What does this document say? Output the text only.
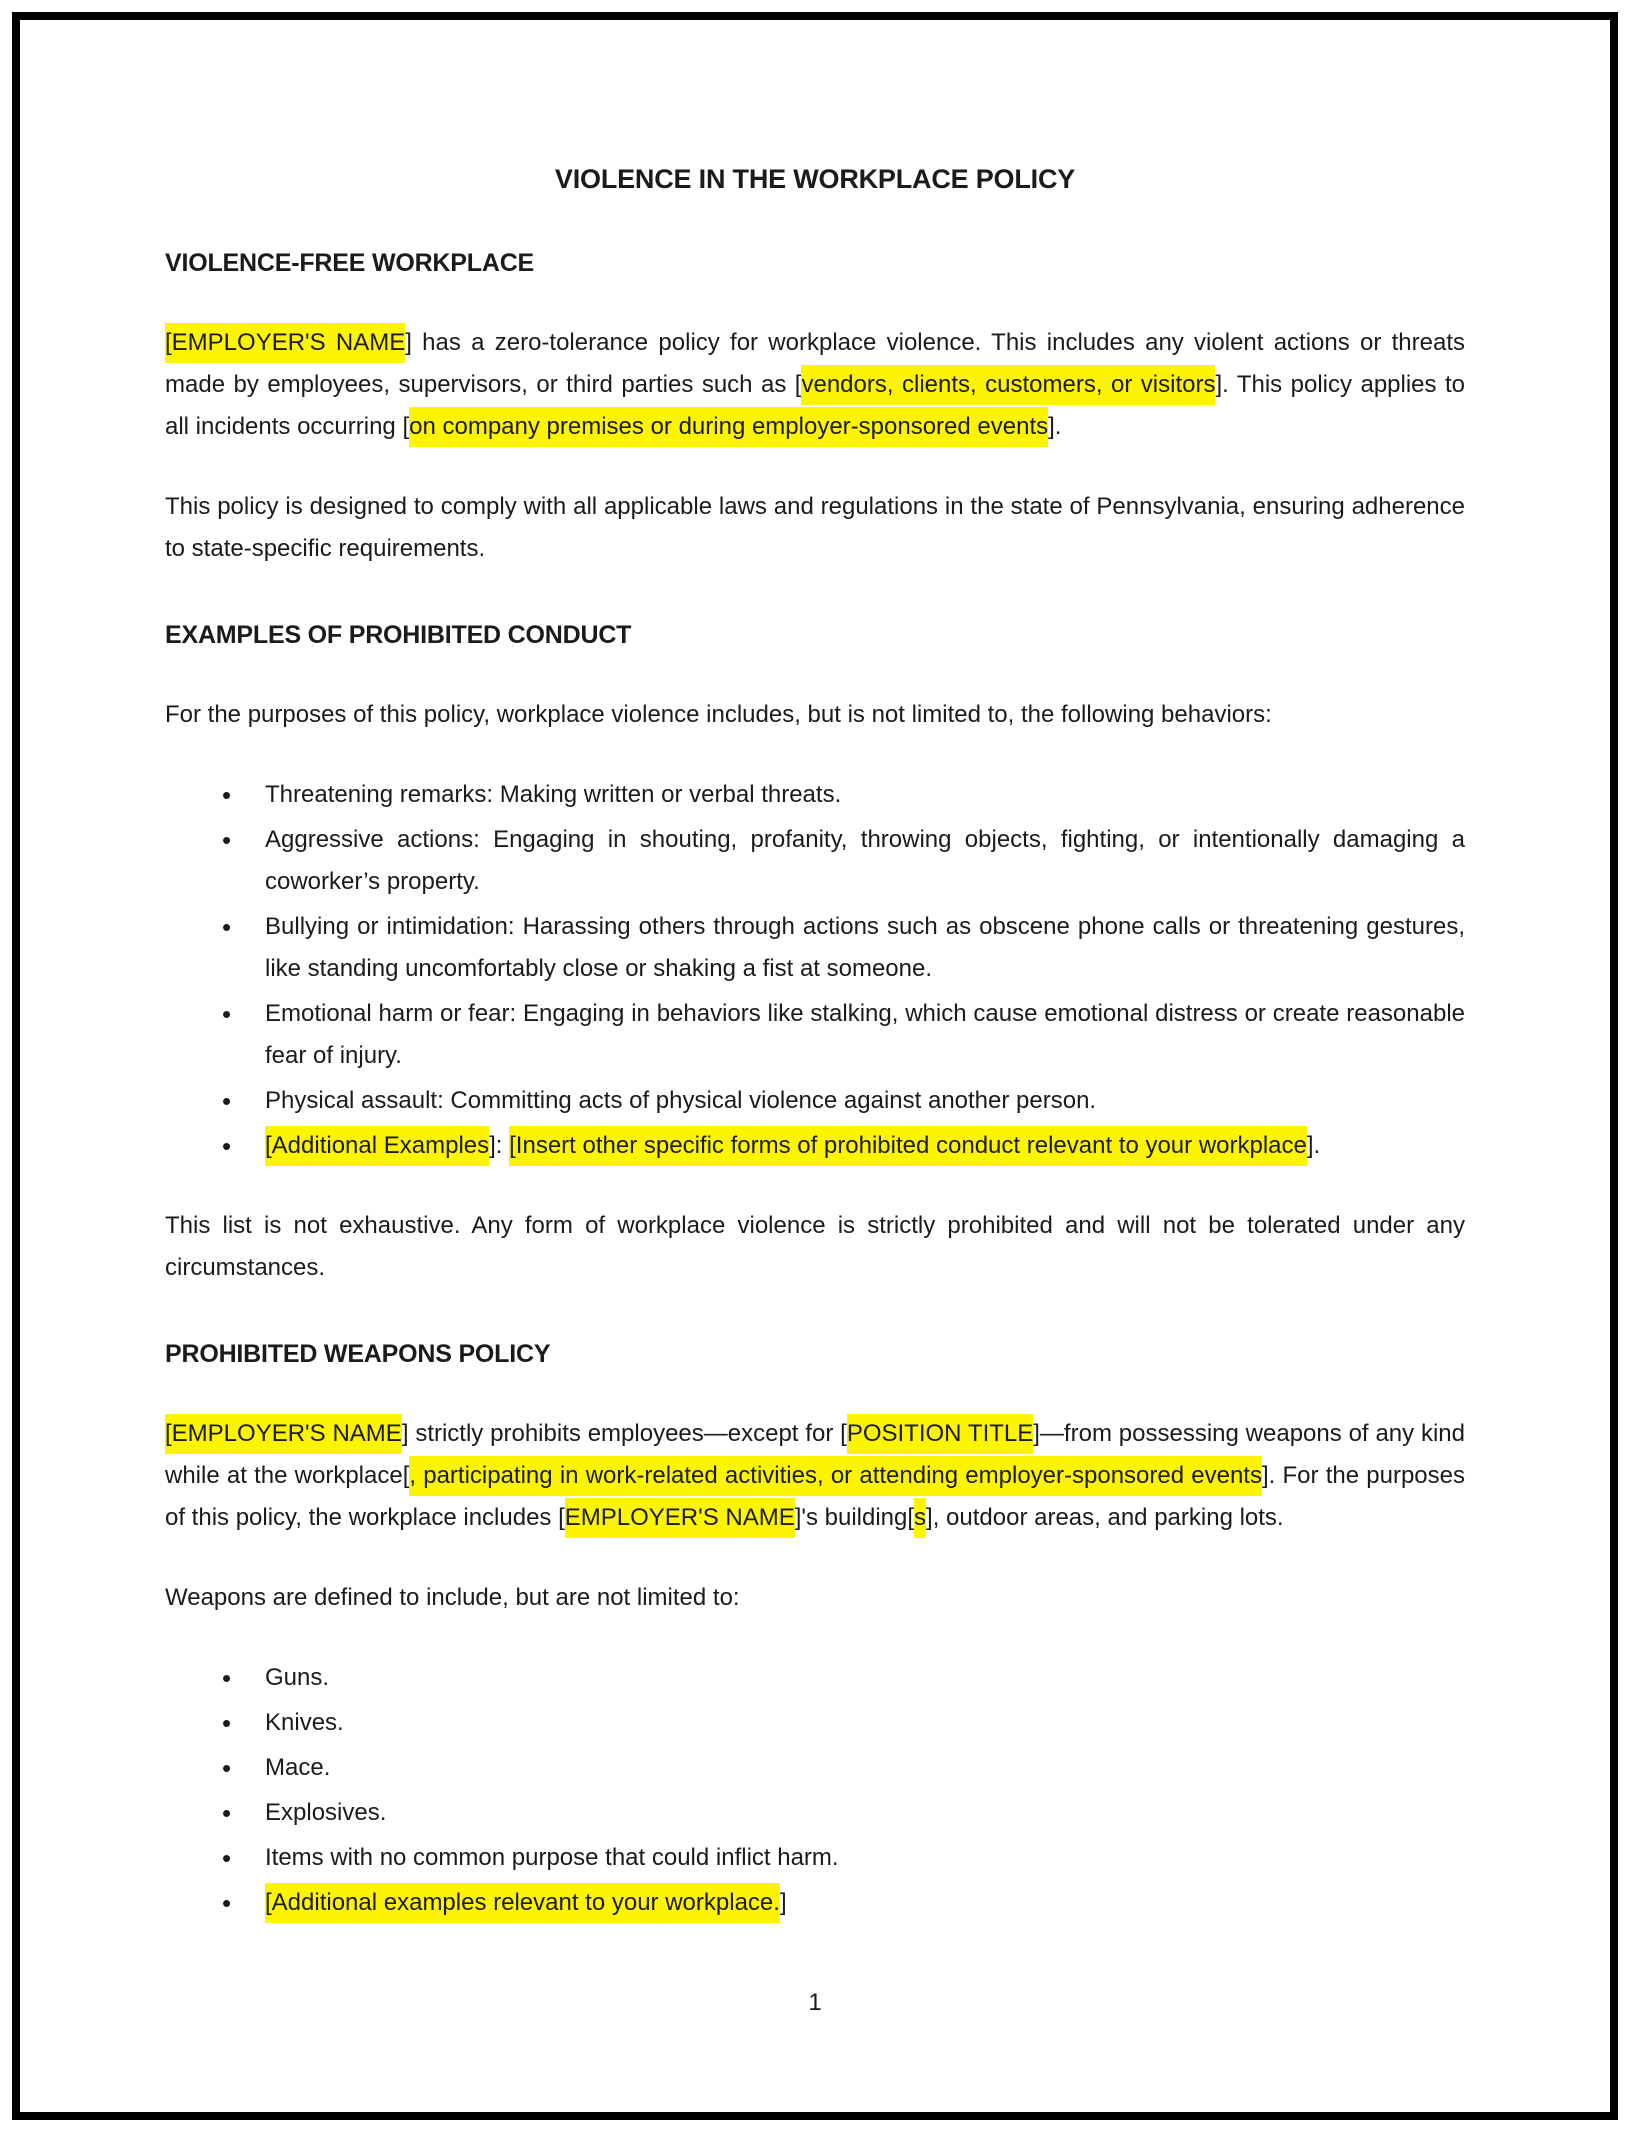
VIOLENCE IN THE WORKPLACE POLICY
VIOLENCE-FREE WORKPLACE

[EMPLOYER'S NAME] has a zero-tolerance policy for workplace violence. This includes any violent actions or threats made by employees, supervisors, or third parties such as [vendors, clients, customers, or visitors]. This policy applies to all incidents occurring [on company premises or during employer-sponsored events].

This policy is designed to comply with all applicable laws and regulations in the state of Pennsylvania, ensuring adherence to state-specific requirements.

EXAMPLES OF PROHIBITED CONDUCT

For the purposes of this policy, workplace violence includes, but is not limited to, the following behaviors:

• Threatening remarks: Making written or verbal threats.
• Aggressive actions: Engaging in shouting, profanity, throwing objects, fighting, or intentionally damaging a coworker’s property.
• Bullying or intimidation: Harassing others through actions such as obscene phone calls or threatening gestures, like standing uncomfortably close or shaking a fist at someone.
• Emotional harm or fear: Engaging in behaviors like stalking, which cause emotional distress or create reasonable fear of injury.
• Physical assault: Committing acts of physical violence against another person.
• [Additional Examples]: [Insert other specific forms of prohibited conduct relevant to your workplace].

This list is not exhaustive. Any form of workplace violence is strictly prohibited and will not be tolerated under any circumstances.

PROHIBITED WEAPONS POLICY

[EMPLOYER'S NAME] strictly prohibits employees—except for [POSITION TITLE]—from possessing weapons of any kind while at the workplace[, participating in work-related activities, or attending employer-sponsored events]. For the purposes of this policy, the workplace includes [EMPLOYER'S NAME]'s building[s], outdoor areas, and parking lots.

Weapons are defined to include, but are not limited to:

• Guns.
• Knives.
• Mace.
• Explosives.
• Items with no common purpose that could inflict harm.
• [Additional examples relevant to your workplace.]
1
